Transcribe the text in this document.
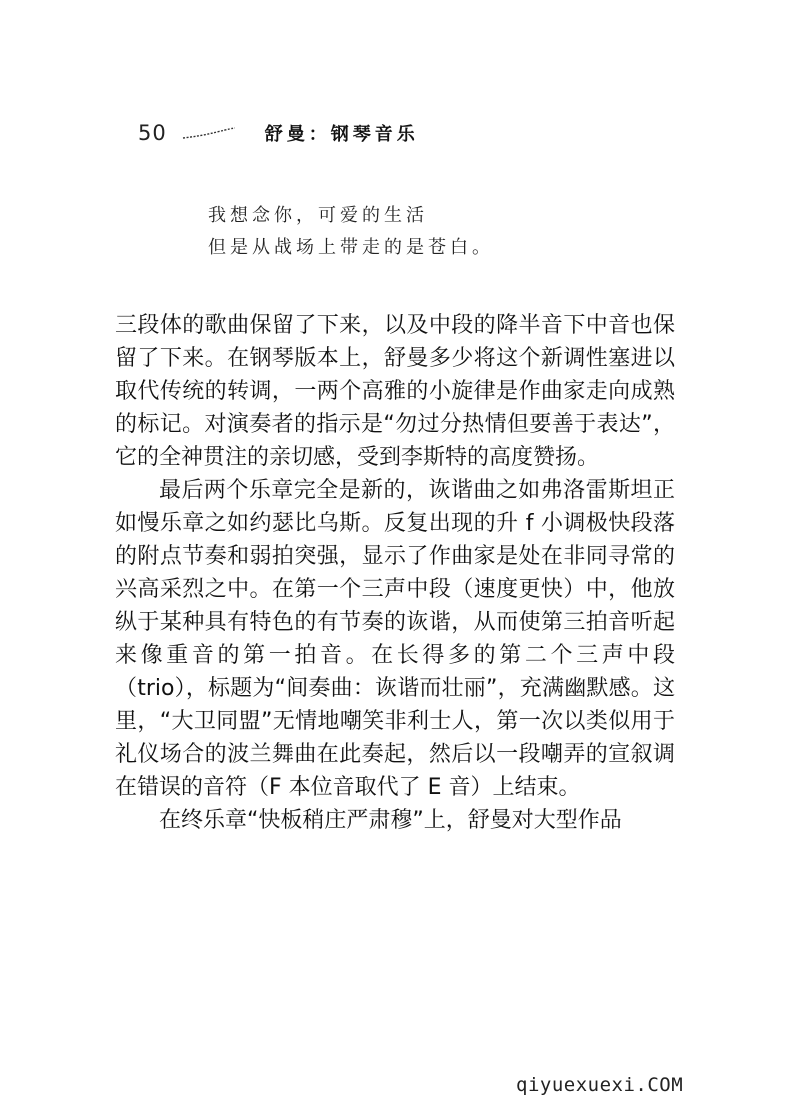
50	舒曼：钢琴音乐
我想念你，可爱的生活
但是从战场上带走的是苍白。

三段体的歌曲保留了下来，以及中段的降半音下中音也保留了下来。在钢琴版本上，舒曼多少将这个新调性塞进以取代传统的转调，一两个高雅的小旋律是作曲家走向成熟的标记。对演奏者的指示是“勿过分热情但要善于表达”，它的全神贯注的亲切感，受到李斯特的高度赞扬。

最后两个乐章完全是新的，诙谐曲之如弗洛雷斯坦正如慢乐章之如约瑟比乌斯。反复出现的升 f 小调极快段落的附点节奏和弱拍突强，显示了作曲家是处在非同寻常的兴高采烈之中。在第一个三声中段（速度更快）中，他放纵于某种具有特色的有节奏的诙谐，从而使第三拍音听起来像重音的第一拍音。在长得多的第二个三声中段（trio），标题为“间奏曲：诙谐而壮丽”，充满幽默感。这里，“大卫同盟”无情地嘲笑非利士人，第一次以类似用于礼仪场合的波兰舞曲在此奏起，然后以一段嘲弄的宣叙调在错误的音符（F 本位音取代了 E 音）上结束。

在终乐章“快板稍庄严肃穆”上，舒曼对大型作品

qiyuexuexi.COM
